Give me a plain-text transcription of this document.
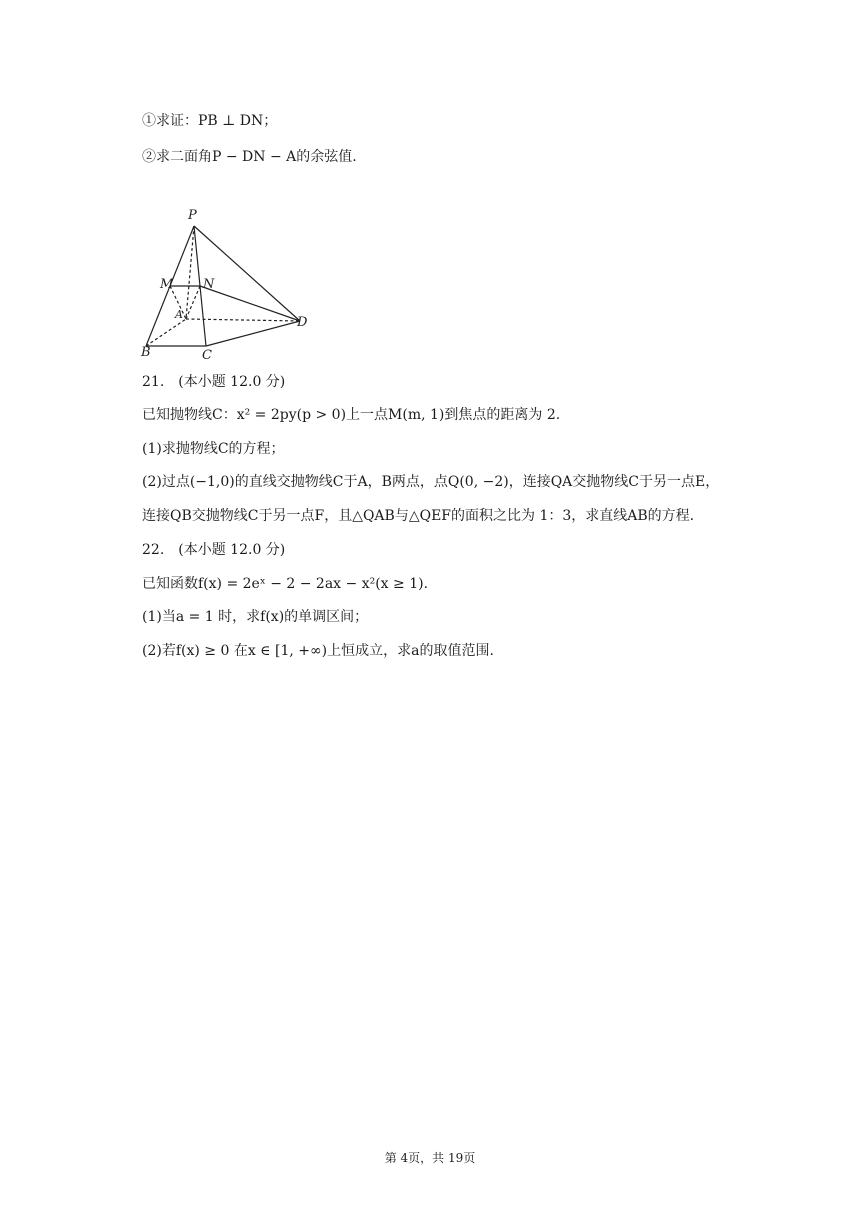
①求证：PB ⊥ DN；
②求二面角P − DN − A的余弦值.
P
M N
A
D
B	C
21.　(本小题 12.0 分)
已知抛物线C：x² = 2py(p > 0)上一点M(m, 1)到焦点的距离为 2.
(1)求抛物线C的方程；
(2)过点(−1,0)的直线交抛物线C于A，B两点，点Q(0, −2)，连接QA交抛物线C于另一点E，
连接QB交抛物线C于另一点F，且△QAB与△QEF的面积之比为 1：3，求直线AB的方程.
22.　(本小题 12.0 分)
已知函数f(x) = 2eˣ − 2 − 2ax − x²(x ≥ 1).
(1)当a = 1 时，求f(x)的单调区间；
(2)若f(x) ≥ 0 在x ∈ [1, +∞)上恒成立，求a的取值范围.
第 4页，共 19页
